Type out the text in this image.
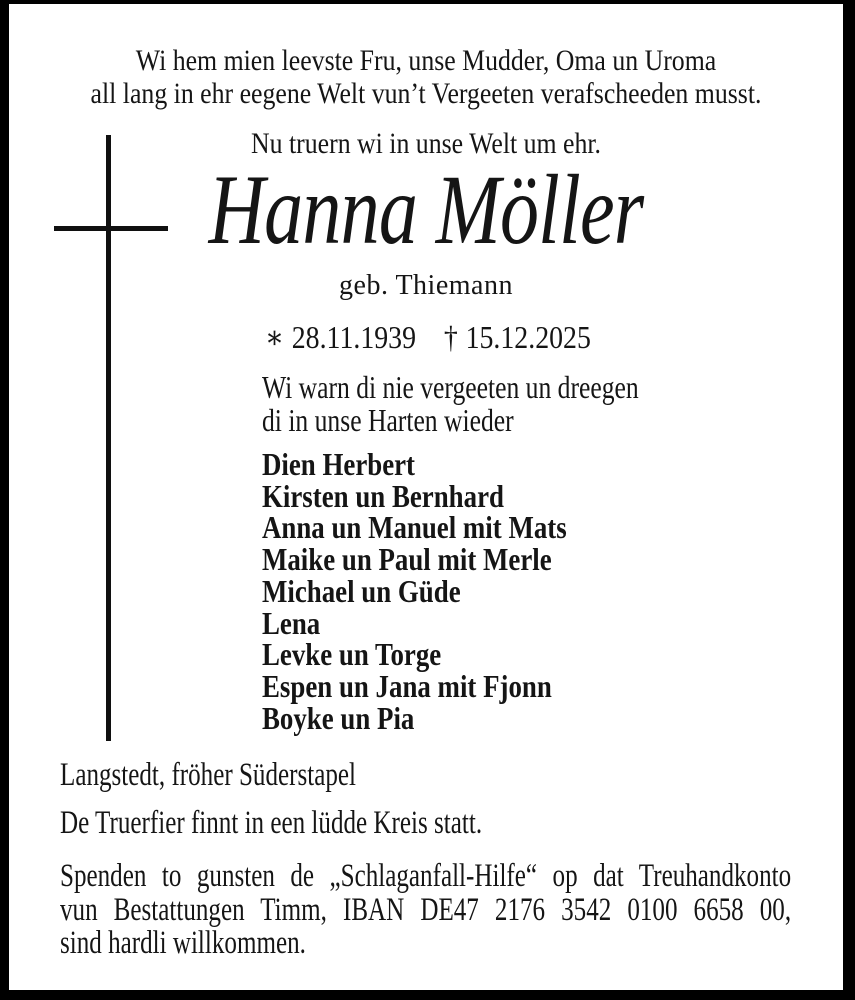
Wi hem mien leevste Fru, unse Mudder, Oma un Uroma
all lang in ehr eegene Welt vun’t Vergeeten verafscheeden musst.
Nu truern wi in unse Welt um ehr.
Hanna Möller
geb. Thiemann
∗ 28.11.1939 † 15.12.2025
Wi warn di nie vergeeten un dreegen
di in unse Harten wieder
Dien Herbert
Kirsten un Bernhard
Anna un Manuel mit Mats
Maike un Paul mit Merle
Michael un Güde
Lena
Levke un Torge
Espen un Jana mit Fjonn
Boyke un Pia
Langstedt, fröher Süderstapel
De Truerfier finnt in een lüdde Kreis statt.
Spenden to gunsten de „Schlaganfall-Hilfe“ op dat Treuhandkonto
vun Bestattungen Timm, IBAN DE47 2176 3542 0100 6658 00,
sind hardli willkommen.
